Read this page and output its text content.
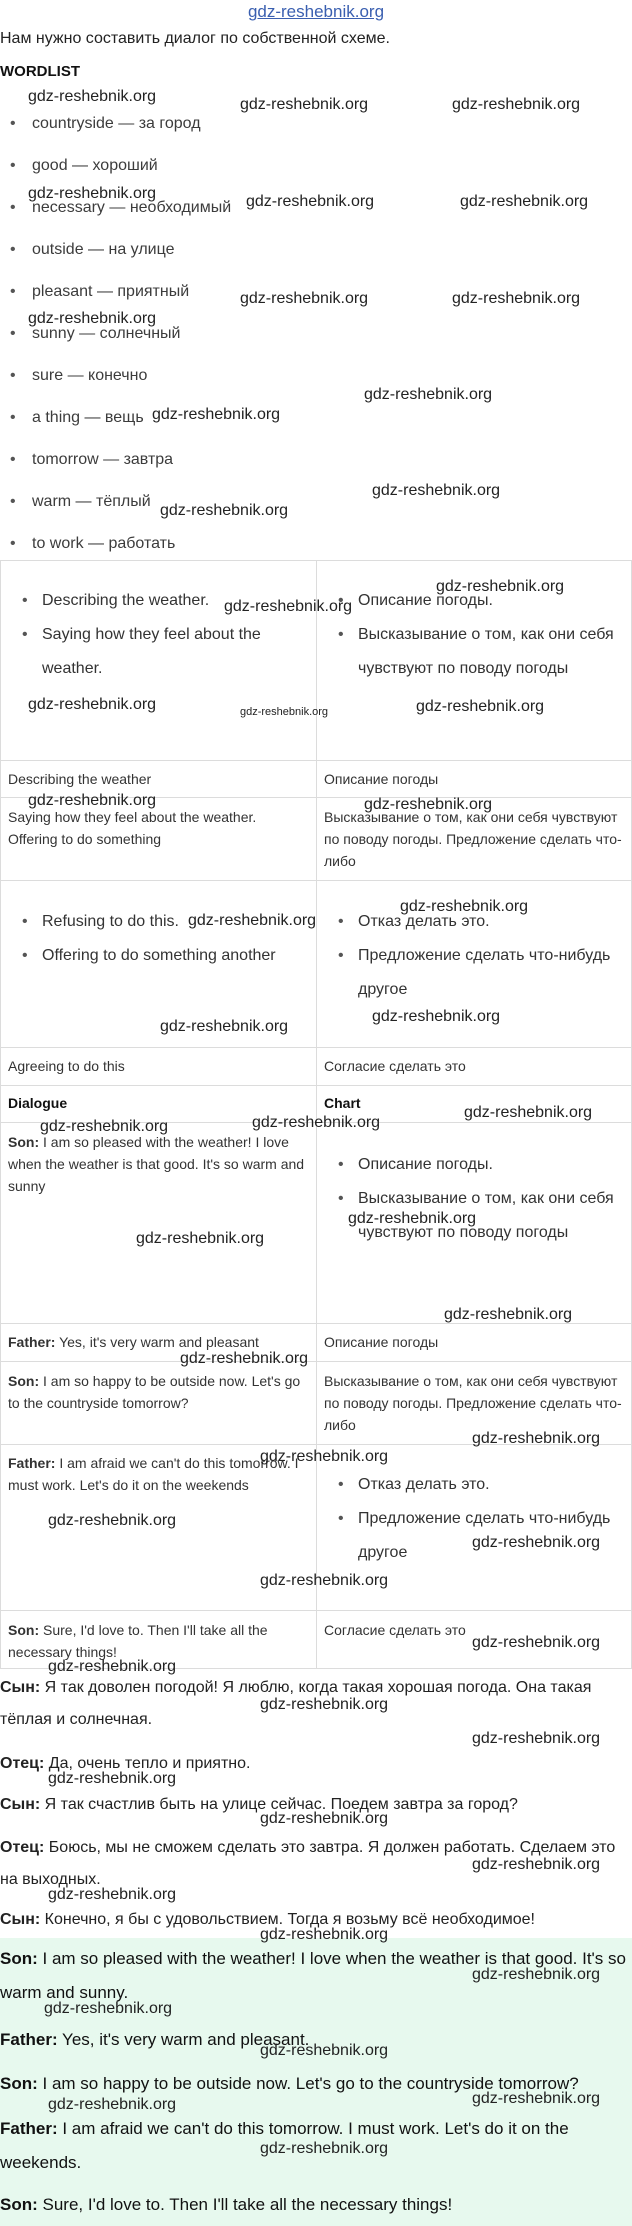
gdz-reshebnik.org
Нам нужно составить диалог по собственной схеме.
WORDLIST
• countryside — за город
• good — хороший
• necessary — необходимый
• outside — на улице
• pleasant — приятный
• sunny — солнечный
• sure — конечно
• a thing — вещь
• tomorrow — завтра
• warm — тёплый
• to work — работать
• Describing the weather.
• Saying how they feel about the weather.
• Описание погоды.
• Высказывание о том, как они себя чувствуют по поводу погоды
Describing the weather	Описание погоды
Saying how they feel about the weather. Offering to do something
Высказывание о том, как они себя чувствуют по поводу погоды. Предложение сделать что-либо
• Refusing to do this.
• Offering to do something another
• Отказ делать это.
• Предложение сделать что-нибудь другое
Agreeing to do this	Согласие сделать это
Dialogue	Chart
Son: I am so pleased with the weather! I love when the weather is that good. It's so warm and sunny
• Описание погоды.
• Высказывание о том, как они себя чувствуют по поводу погоды
Father: Yes, it's very warm and pleasant	Описание погоды
Son: I am so happy to be outside now. Let's go to the countryside tomorrow?
Высказывание о том, как они себя чувствуют по поводу погоды. Предложение сделать что-либо
Father: I am afraid we can't do this tomorrow. I must work. Let's do it on the weekends
•	Отказ делать это.
• Предложение сделать что-нибудь другое
Son: Sure, I'd love to. Then I'll take all the necessary things!
Согласие сделать это
Сын: Я так доволен погодой! Я люблю, когда такая хорошая погода. Она такая тёплая и солнечная.
Отец: Да, очень тепло и приятно.
Сын: Я так счастлив быть на улице сейчас. Поедем завтра за город?
Отец: Боюсь, мы не сможем сделать это завтра. Я должен работать. Сделаем это на выходных.
Сын: Конечно, я бы с удовольствием. Тогда я возьму всё необходимое!
Son: I am so pleased with the weather! I love when the weather is that good. It's so warm and sunny.
Father: Yes, it's very warm and pleasant.
Son: I am so happy to be outside now. Let's go to the countryside tomorrow?
Father: I am afraid we can't do this tomorrow. I must work. Let's do it on the weekends.
Son: Sure, I'd love to. Then I'll take all the necessary things!
gdz-reshebnik.org	gdz-reshebnik.org	gdz-reshebnik.org
gdz-reshebnik.org	gdz-reshebnik.org	gdz-reshebnik.org
gdz-reshebnik.org	gdz-reshebnik.org
gdz-reshebnik.org
gdz-reshebnik.org
gdz-reshebnik.org
gdz-reshebnik.org
gdz-reshebnik.org
gdz-reshebnik.org
gdz-reshebnik.org
gdz-reshebnik.org	gdz-reshebnik.org	gdz-reshebnik.org
gdz-reshebnik.org	gdz-reshebnik.org
gdz-reshebnik.org
gdz-reshebnik.org
gdz-reshebnik.org
gdz-reshebnik.org
gdz-reshebnik.org
gdz-reshebnik.org
gdz-reshebnik.org
gdz-reshebnik.org
gdz-reshebnik.org
gdz-reshebnik.org
gdz-reshebnik.org
gdz-reshebnik.org
gdz-reshebnik.org
gdz-reshebnik.org
gdz-reshebnik.org
gdz-reshebnik.org
gdz-reshebnik.org
gdz-reshebnik.org
gdz-reshebnik.org
gdz-reshebnik.org
gdz-reshebnik.org
gdz-reshebnik.org
gdz-reshebnik.org
gdz-reshebnik.org
gdz-reshebnik.org
gdz-reshebnik.org
gdz-reshebnik.org
gdz-reshebnik.org
gdz-reshebnik.org
gdz-reshebnik.org
gdz-reshebnik.org
